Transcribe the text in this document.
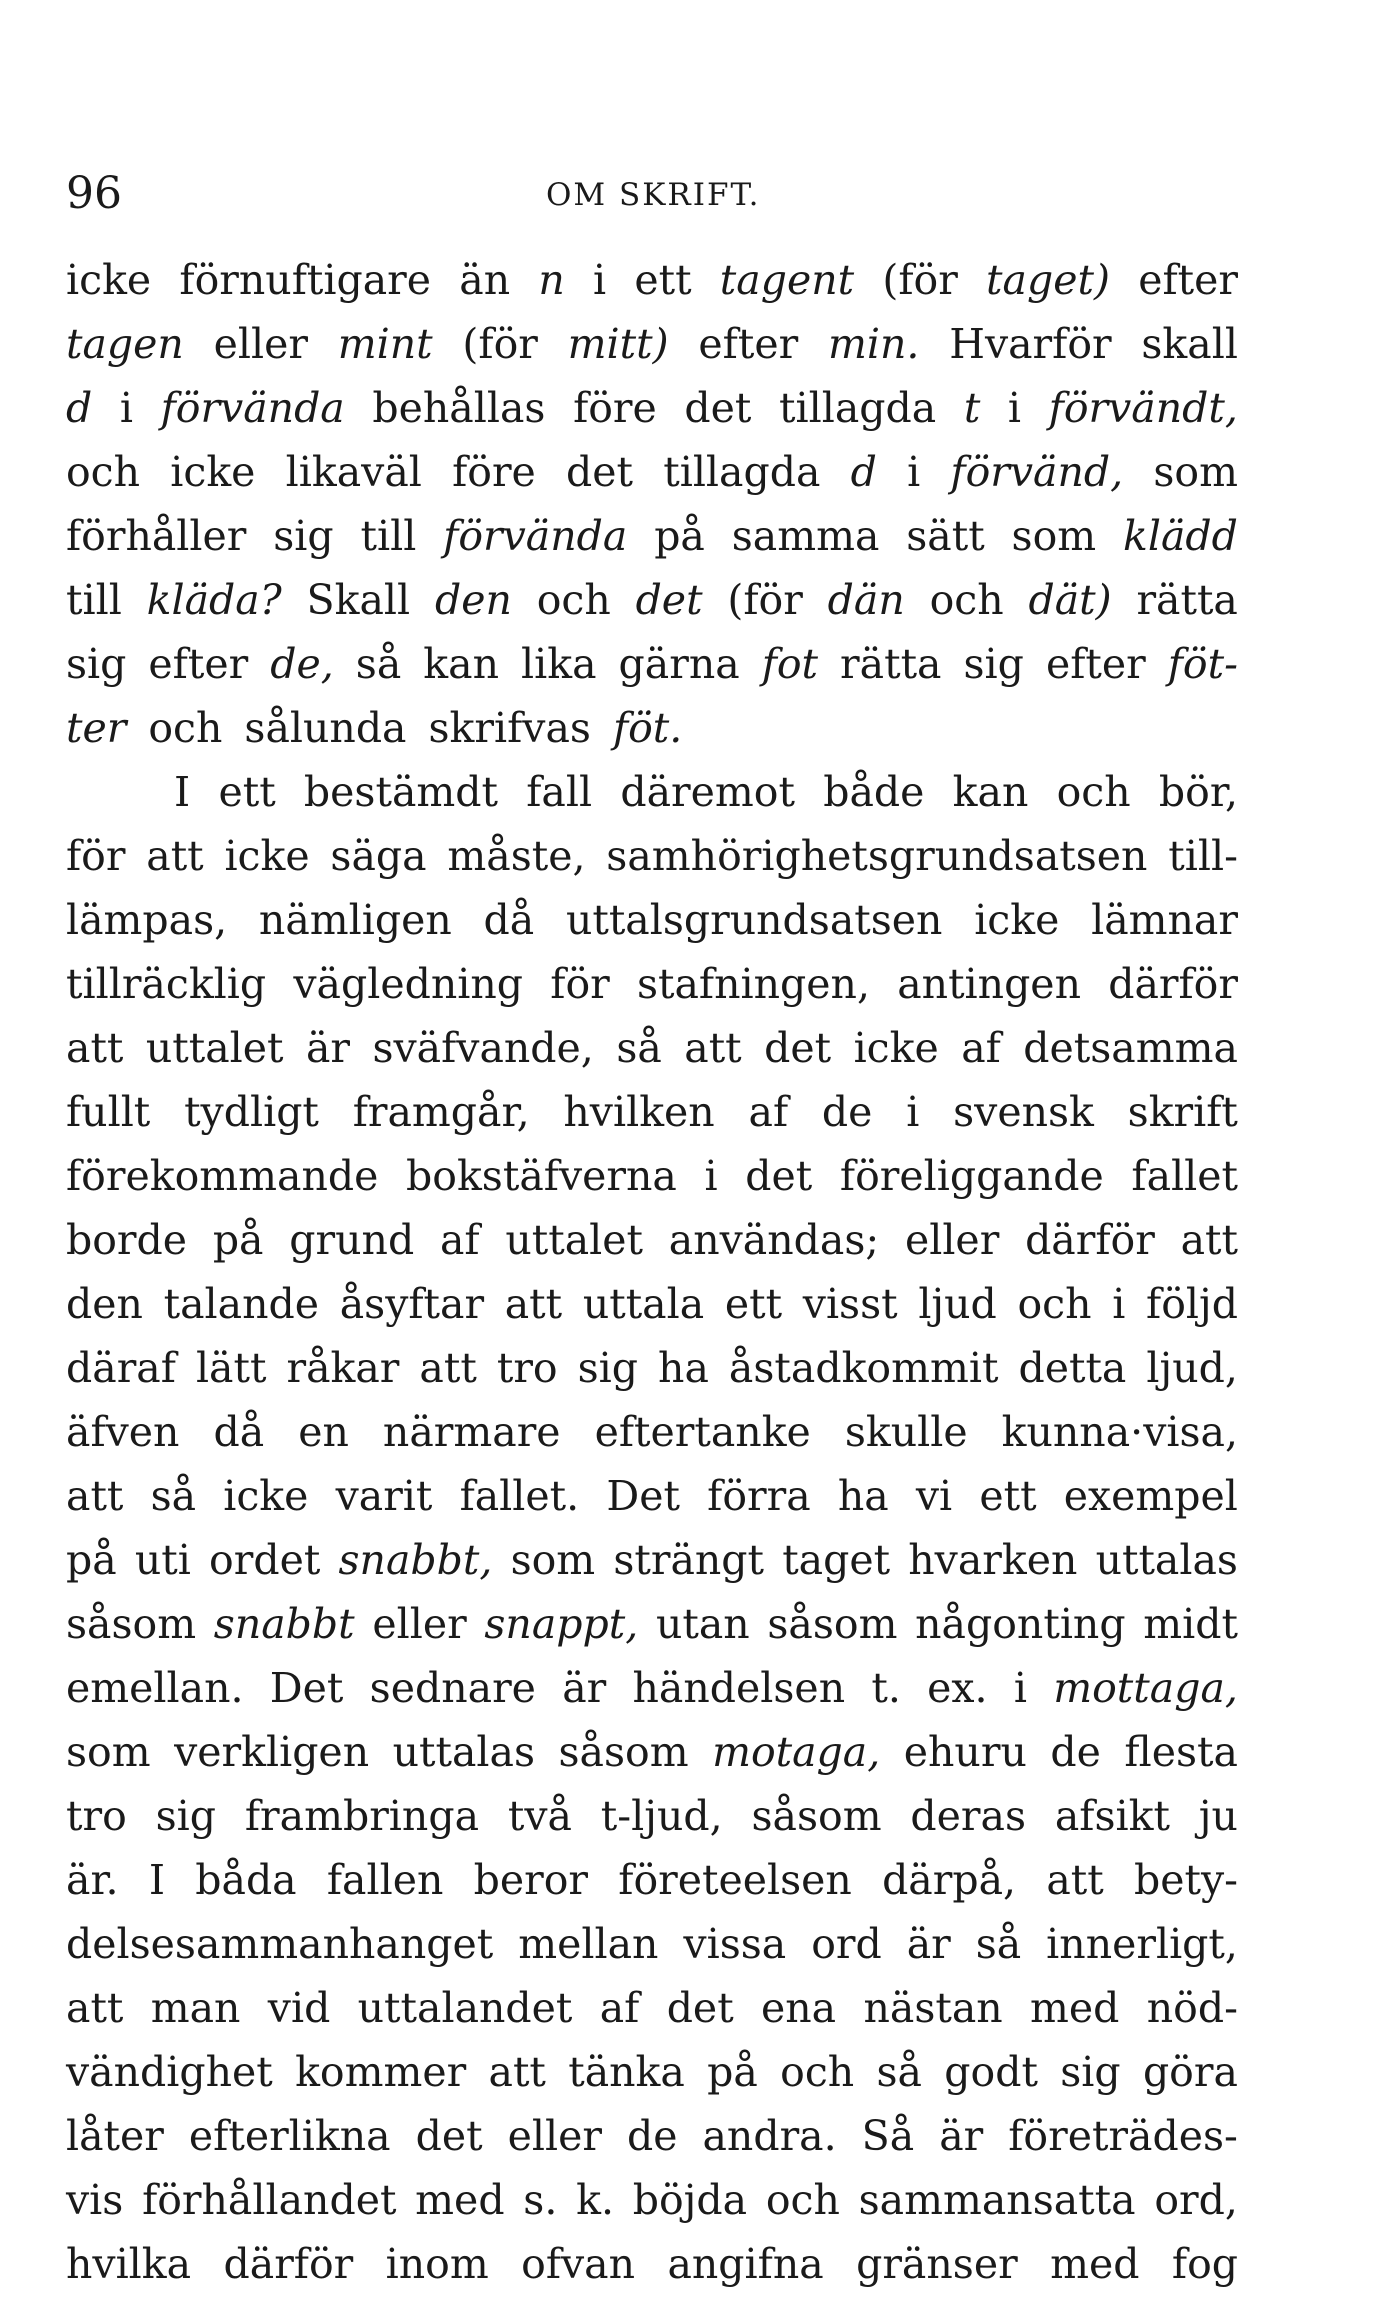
96	OM SKRIFT.
icke förnuftigare än n i ett tagent (för taget) efter
tagen eller mint (för mitt) efter min. Hvarför skall
d i förvända behållas före det tillagda t i förvändt,
och icke likaväl före det tillagda d i förvänd, som
förhåller sig till förvända på samma sätt som klädd
till kläda? Skall den och det (för dän och dät) rätta
sig efter de, så kan lika gärna fot rätta sig efter föt-
ter och sålunda skrifvas föt.
I ett bestämdt fall däremot både kan och bör,
för att icke säga måste, samhörighetsgrundsatsen till-
lämpas, nämligen då uttalsgrundsatsen icke lämnar
tillräcklig vägledning för stafningen, antingen därför
att uttalet är sväfvande, så att det icke af detsamma
fullt tydligt framgår, hvilken af de i svensk skrift
förekommande bokstäfverna i det föreliggande fallet
borde på grund af uttalet användas; eller därför att
den talande åsyftar att uttala ett visst ljud och i följd
däraf lätt råkar att tro sig ha åstadkommit detta ljud,
äfven då en närmare eftertanke skulle kunna·visa,
att så icke varit fallet. Det förra ha vi ett exempel
på uti ordet snabbt, som strängt taget hvarken uttalas
såsom snabbt eller snappt, utan såsom någonting midt
emellan. Det sednare är händelsen t. ex. i mottaga,
som verkligen uttalas såsom motaga, ehuru de flesta
tro sig frambringa två t-ljud, såsom deras afsikt ju
är. I båda fallen beror företeelsen därpå, att bety-
delsesammanhanget mellan vissa ord är så innerligt,
att man vid uttalandet af det ena nästan med nöd-
vändighet kommer att tänka på och så godt sig göra
låter efterlikna det eller de andra. Så är företrädes-
vis förhållandet med s. k. böjda och sammansatta ord,
hvilka därför inom ofvan angifna gränser med fog
